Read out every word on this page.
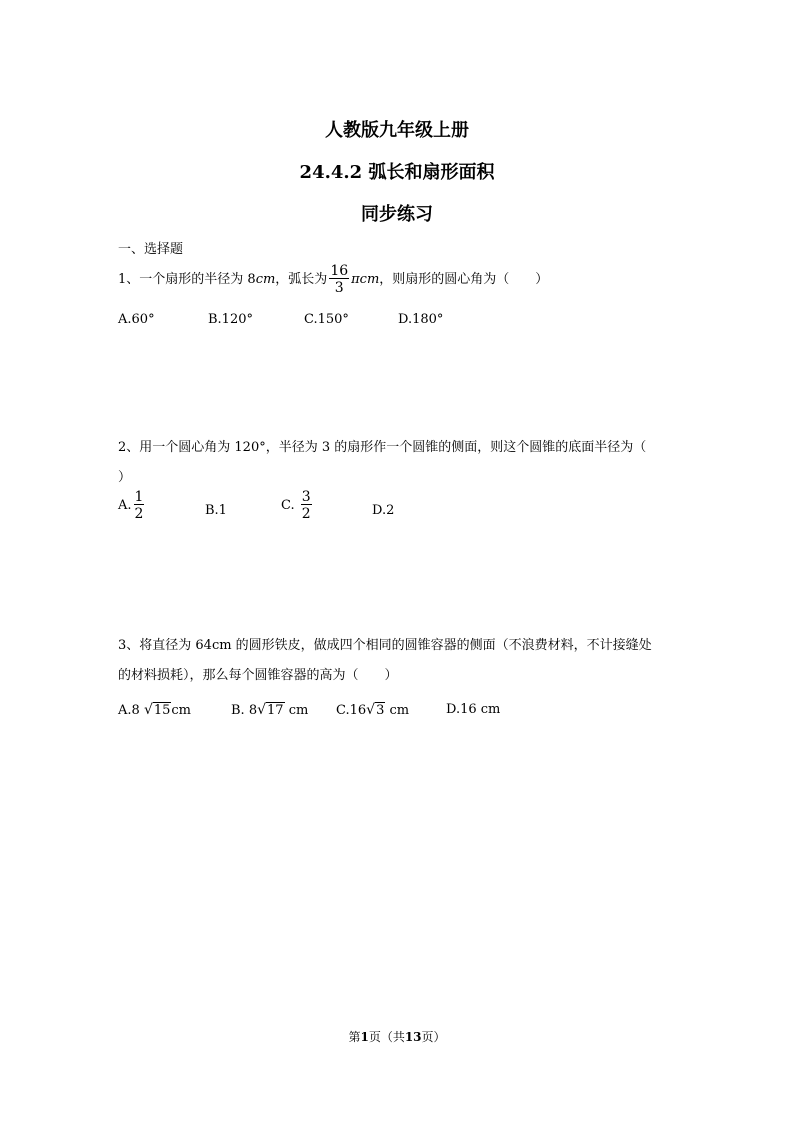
人教版九年级上册
24.4.2 弧长和扇形面积
同步练习
一、选择题
1、一个扇形的半径为 8cm，弧长为 $\frac{16}{3}$ πcm，则扇形的圆心角为（　　）
A.60°	B.120°	C.150°	D.180°
2、用一个圆心角为 120°，半径为 3 的扇形作一个圆锥的侧面，则这个圆锥的底面半径为（
）
A. $\frac{1}{2}$	B.1	C. $\frac{3}{2}$	D.2
3、将直径为 64cm 的圆形铁皮，做成四个相同的圆锥容器的侧面（不浪费材料，不计接缝处
的材料损耗），那么每个圆锥容器的高为（　　）
A.8 √15cm	B. 8√17 cm C.16√3 cm	D.16 cm
第1页（共13页）
